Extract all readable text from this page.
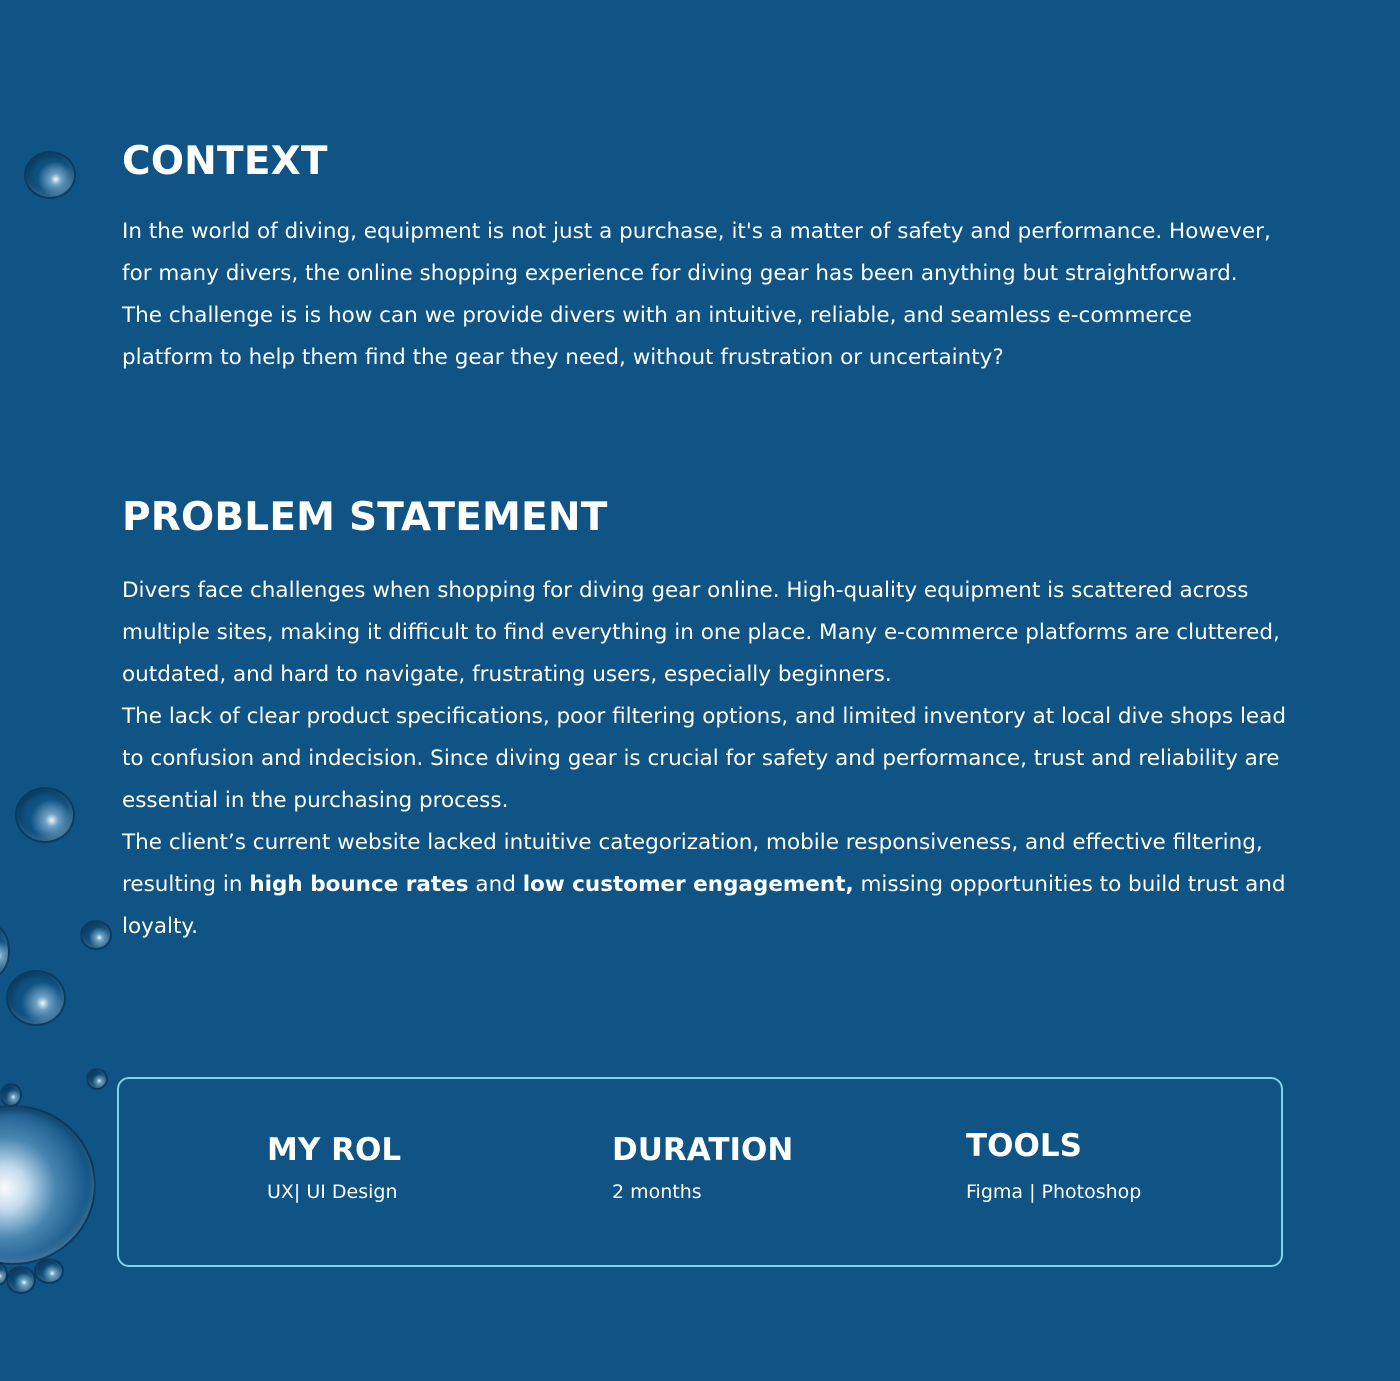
CONTEXT

In the world of diving, equipment is not just a purchase, it's a matter of safety and performance. However, for many divers, the online shopping experience for diving gear has been anything but straightforward.

The challenge is is how can we provide divers with an intuitive, reliable, and seamless e-commerce platform to help them find the gear they need, without frustration or uncertainty?

PROBLEM STATEMENT

Divers face challenges when shopping for diving gear online. High-quality equipment is scattered across multiple sites, making it difficult to find everything in one place. Many e-commerce platforms are cluttered, outdated, and hard to navigate, frustrating users, especially beginners.

The lack of clear product specifications, poor filtering options, and limited inventory at local dive shops lead to confusion and indecision. Since diving gear is crucial for safety and performance, trust and reliability are essential in the purchasing process.

The client’s current website lacked intuitive categorization, mobile responsiveness, and effective filtering, resulting in high bounce rates and low customer engagement, missing opportunities to build trust and loyalty.

MY ROL
UX| UI Design
DURATION
2 months
TOOLS
Figma | Photoshop
